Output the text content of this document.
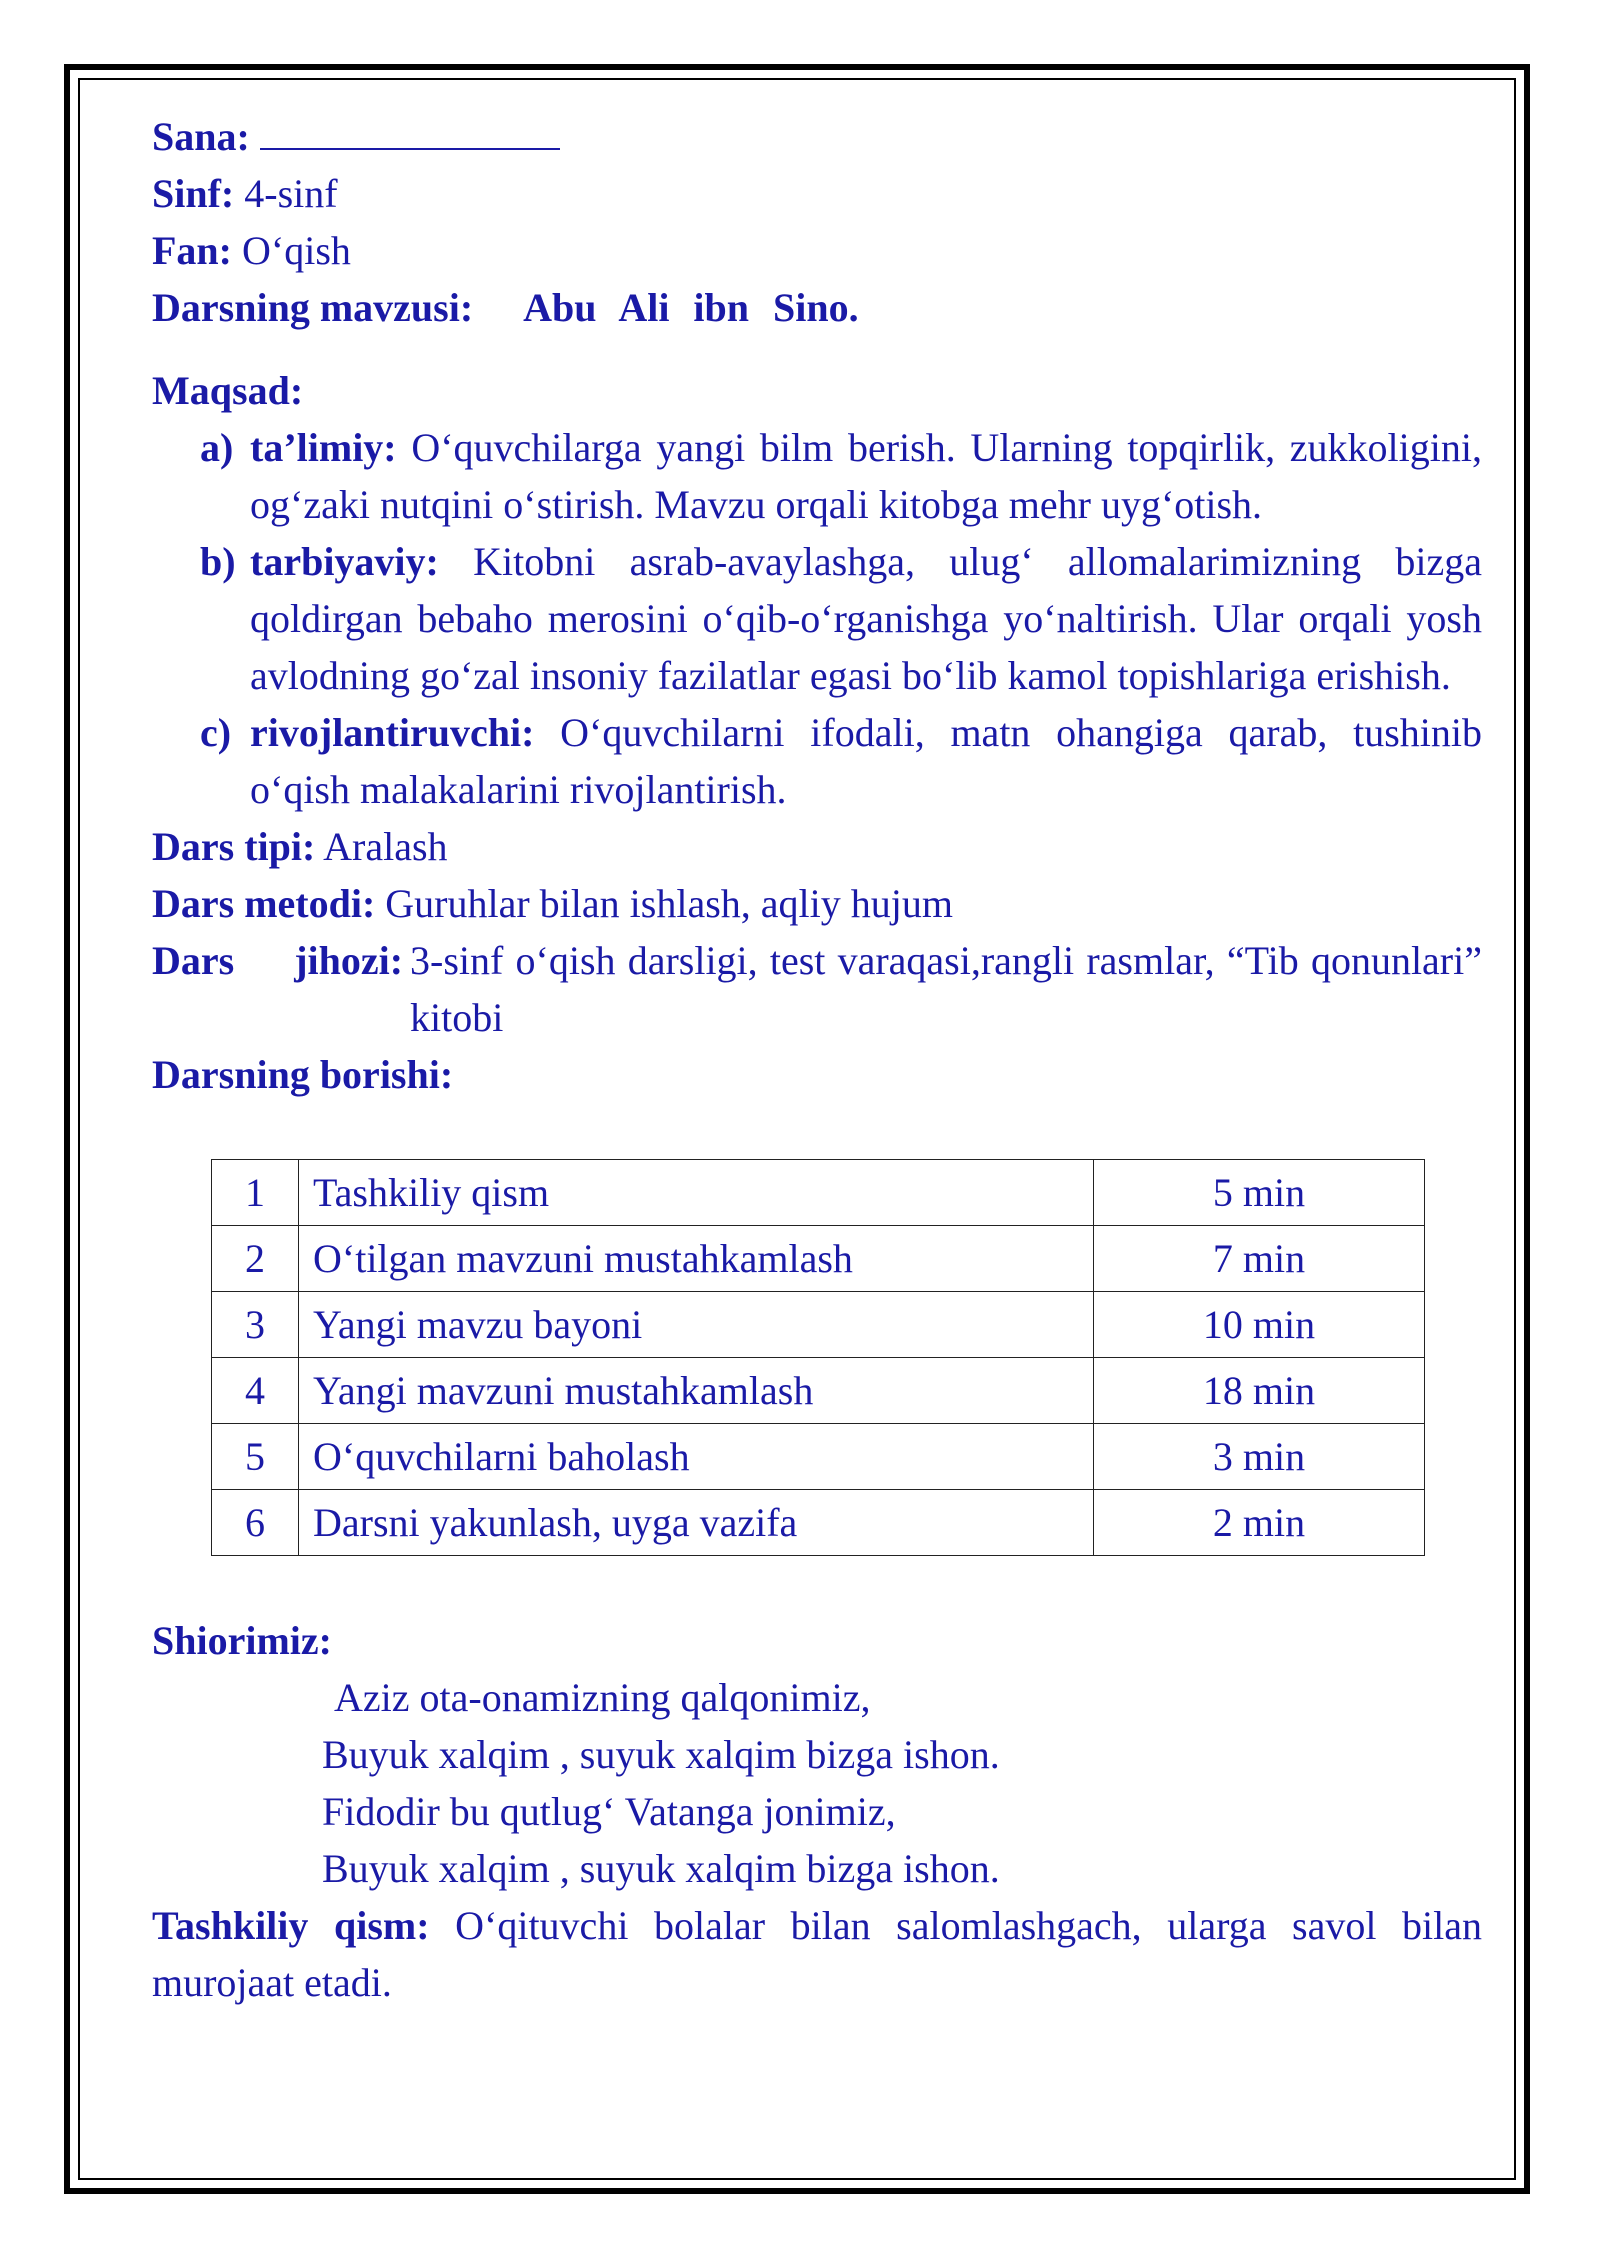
Sana:
Sinf: 4-sinf
Fan: O‘qish
Darsning mavzusi: Abu Ali ibn Sino.
Maqsad:
a) ta’limiy: O‘quvchilarga yangi bilm berish. Ularning topqirlik, zukkoligini, og‘zaki nutqini o‘stirish. Mavzu orqali kitobga mehr uyg‘otish.
b) tarbiyaviy: Kitobni asrab-avaylashga, ulug‘ allomalarimizning bizga qoldirgan bebaho merosini o‘qib-o‘rganishga yo‘naltirish. Ular orqali yosh avlodning go‘zal insoniy fazilatlar egasi bo‘lib kamol topishlariga erishish.
c) rivojlantiruvchi: O‘quvchilarni ifodali, matn ohangiga qarab, tushinib o‘qish malakalarini rivojlantirish.
Dars tipi: Aralash
Dars metodi: Guruhlar bilan ishlash, aqliy hujum
Dars jihozi: 3-sinf o‘qish darsligi, test varaqasi,rangli rasmlar, “Tib qonunlari” kitobi
Darsning borishi:
1	Tashkiliy qism	5 min
2	O‘tilgan mavzuni mustahkamlash	7 min
3	Yangi mavzu bayoni	10 min
4	Yangi mavzuni mustahkamlash	18 min
5	O‘quvchilarni baholash	3 min
6	Darsni yakunlash, uyga vazifa	2 min
Shiorimiz:
Aziz ota-onamizning qalqonimiz,
Buyuk xalqim , suyuk xalqim bizga ishon.
Fidodir bu qutlug‘ Vatanga jonimiz,
Buyuk xalqim , suyuk xalqim bizga ishon.
Tashkiliy qism: O‘qituvchi bolalar bilan salomlashgach, ularga savol bilan murojaat etadi.
